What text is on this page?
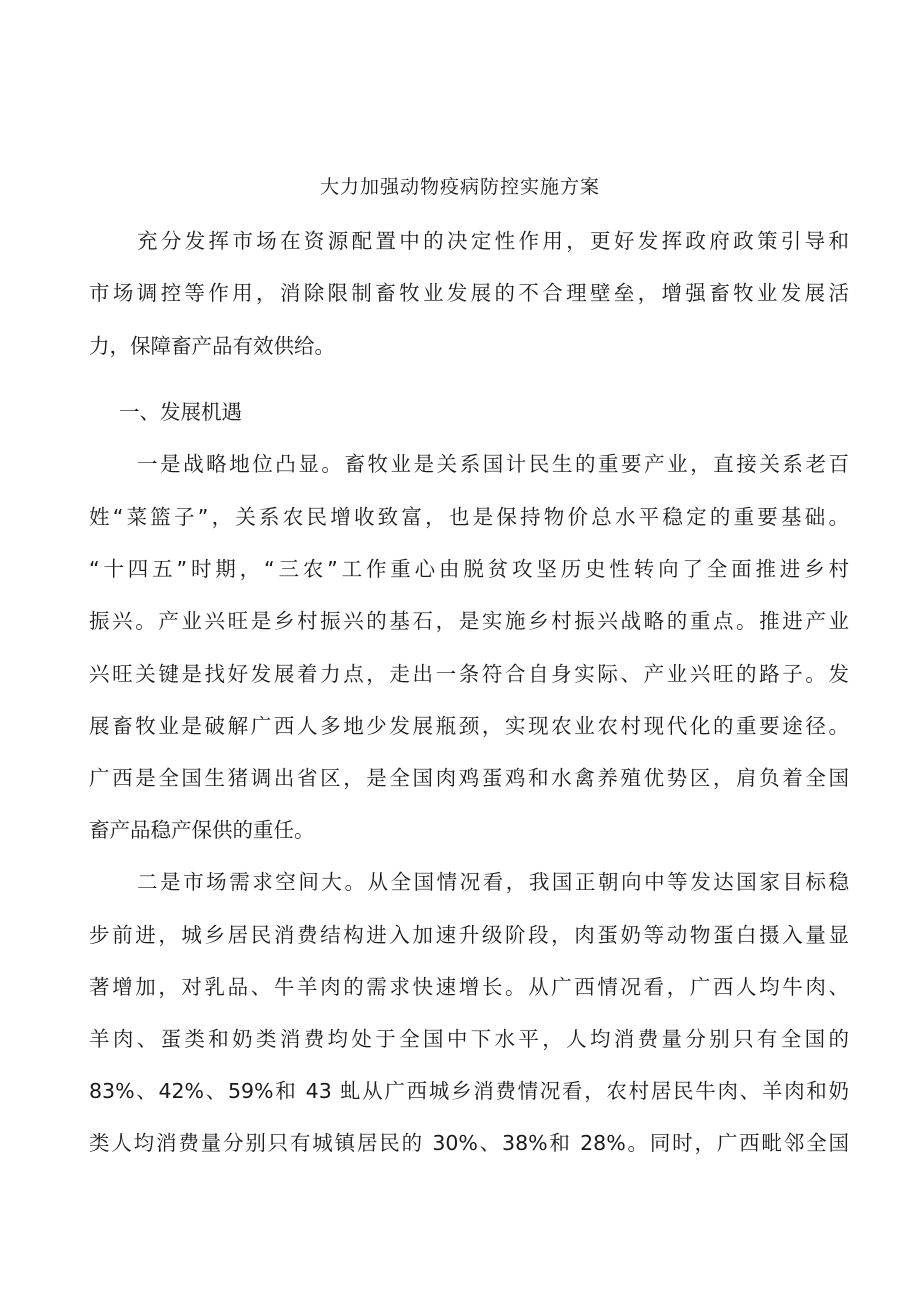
大力加强动物疫病防控实施方案
充分发挥市场在资源配置中的决定性作用，更好发挥政府政策引导和
市场调控等作用，消除限制畜牧业发展的不合理壁垒，增强畜牧业发展活
力，保障畜产品有效供给。
一、发展机遇
一是战略地位凸显。畜牧业是关系国计民生的重要产业，直接关系老百
姓“菜篮子”，关系农民增收致富，也是保持物价总水平稳定的重要基础。
“十四五”时期，“三农”工作重心由脱贫攻坚历史性转向了全面推进乡村
振兴。产业兴旺是乡村振兴的基石，是实施乡村振兴战略的重点。推进产业
兴旺关键是找好发展着力点，走出一条符合自身实际、产业兴旺的路子。发
展畜牧业是破解广西人多地少发展瓶颈，实现农业农村现代化的重要途径。
广西是全国生猪调出省区，是全国肉鸡蛋鸡和水禽养殖优势区，肩负着全国
畜产品稳产保供的重任。
二是市场需求空间大。从全国情况看，我国正朝向中等发达国家目标稳
步前进，城乡居民消费结构进入加速升级阶段，肉蛋奶等动物蛋白摄入量显
著增加，对乳品、牛羊肉的需求快速增长。从广西情况看，广西人均牛肉、
羊肉、蛋类和奶类消费均处于全国中下水平，人均消费量分别只有全国的
83%、42%、59%和 43 虬从广西城乡消费情况看，农村居民牛肉、羊肉和奶
类人均消费量分别只有城镇居民的 30%、38%和 28%。同时，广西毗邻全国
